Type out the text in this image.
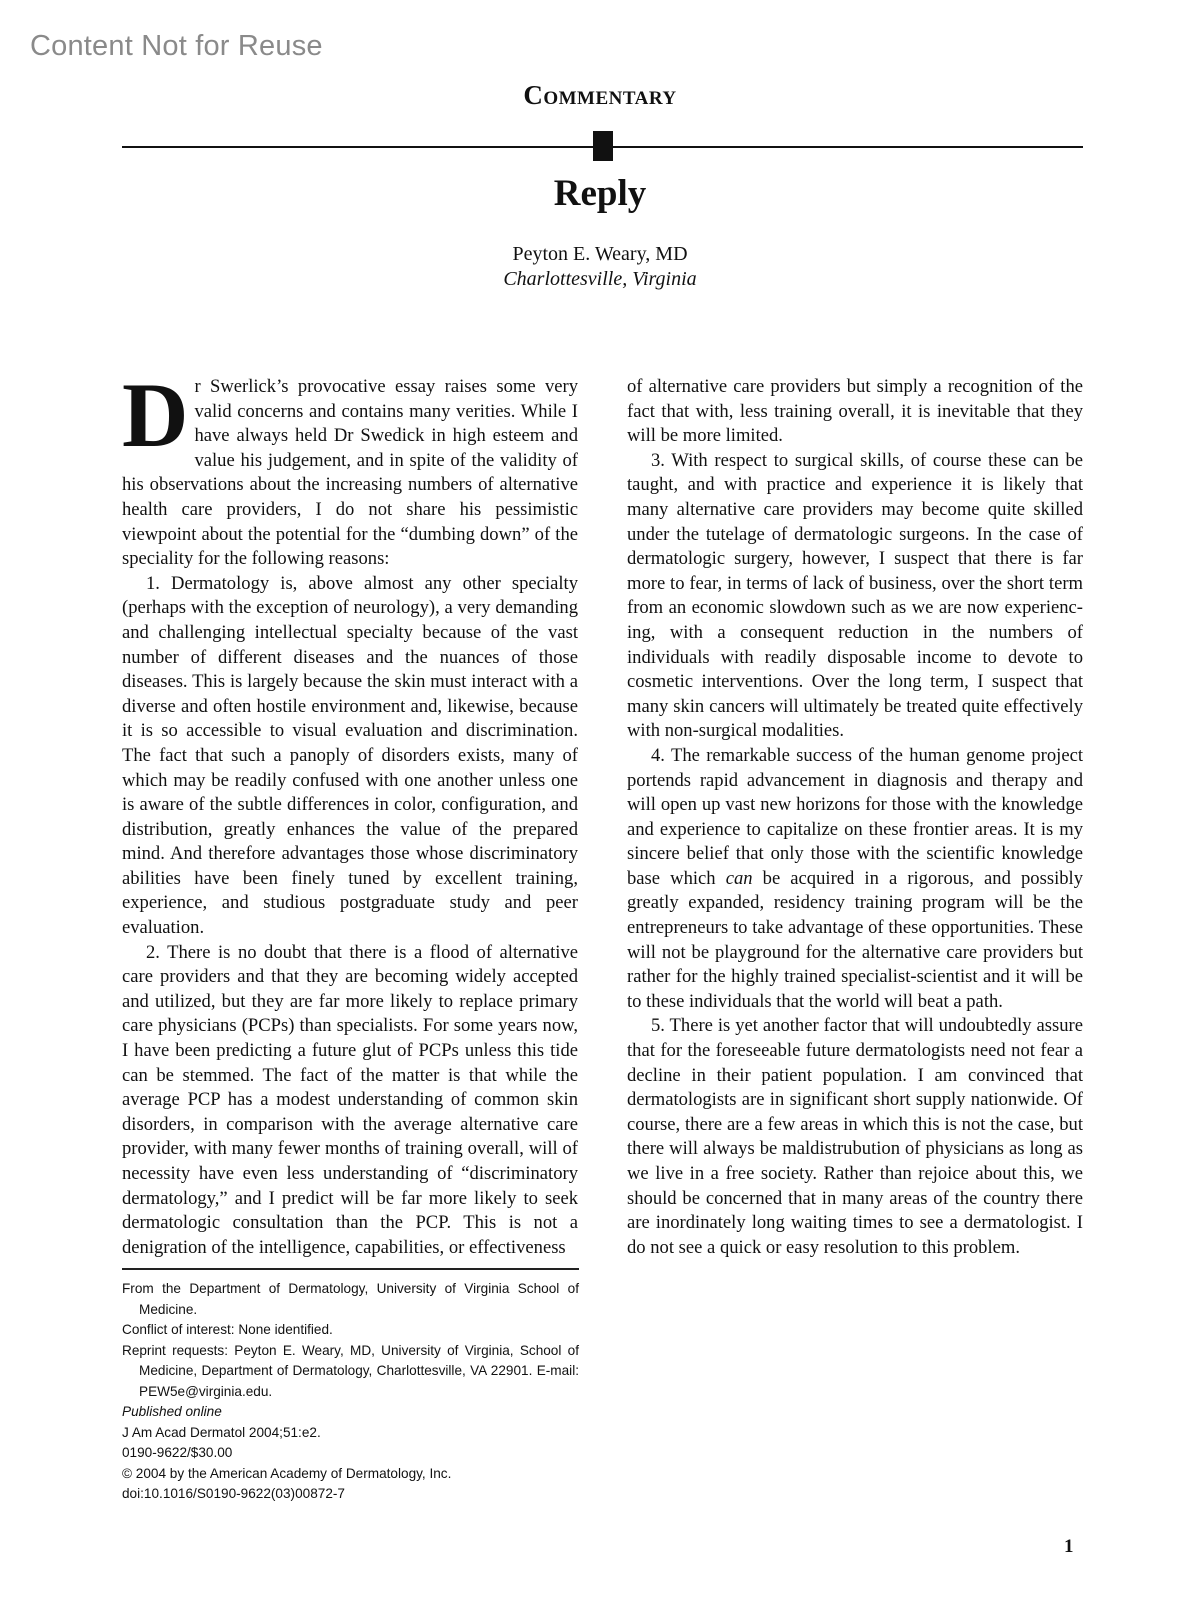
Content Not for Reuse
Commentary
Reply
Peyton E. Weary, MD
Charlottesville, Virginia

Dr Swerlick’s provocative essay raises some very valid concerns and contains many verities. While I have always held Dr Swedick in high esteem and value his judgement, and in spite of the validity of his observations about the increasing numbers of alternative health care providers, I do not share his pessimistic viewpoint about the potential for the “dumbing down” of the speciality for the following reasons:

1. Dermatology is, above almost any other specialty (perhaps with the exception of neurology), a very demanding and challenging intellectual specialty because of the vast number of different diseases and the nuances of those diseases. This is largely because the skin must interact with a diverse and often hostile environment and, likewise, because it is so accessible to visual evaluation and discrimination. The fact that such a panoply of disorders exists, many of which may be readily confused with one another unless one is aware of the subtle differences in color, configuration, and distribution, greatly enhances the value of the prepared mind. And therefore advantages those whose discriminatory abilities have been finely tuned by excellent training, experience, and studious postgraduate study and peer evaluation.

2. There is no doubt that there is a flood of alternative care providers and that they are becoming widely accepted and utilized, but they are far more likely to replace primary care physicians (PCPs) than specialists. For some years now, I have been predicting a future glut of PCPs unless this tide can be stemmed. The fact of the matter is that while the average PCP has a modest understanding of common skin disorders, in comparison with the average alternative care provider, with many fewer months of training overall, will of necessity have even less understanding of “discriminatory dermatology,” and I predict will be far more likely to seek dermatologic consultation than the PCP. This is not a denigration of the intelligence, capabilities, or effectiveness

of alternative care providers but simply a recognition of the fact that with, less training overall, it is inevitable that they will be more limited.

3. With respect to surgical skills, of course these can be taught, and with practice and experience it is likely that many alternative care providers may become quite skilled under the tutelage of dermatologic surgeons. In the case of dermatologic surgery, however, I suspect that there is far more to fear, in terms of lack of business, over the short term from an economic slowdown such as we are now experiencing, with a consequent reduction in the numbers of individuals with readily disposable income to devote to cosmetic interventions. Over the long term, I suspect that many skin cancers will ultimately be treated quite effectively with non-surgical modalities.

4. The remarkable success of the human genome project portends rapid advancement in diagnosis and therapy and will open up vast new horizons for those with the knowledge and experience to capitalize on these frontier areas. It is my sincere belief that only those with the scientific knowledge base which can be acquired in a rigorous, and possibly greatly expanded, residency training program will be the entrepreneurs to take advantage of these opportunities. These will not be playground for the alternative care providers but rather for the highly trained specialist-scientist and it will be to these individuals that the world will beat a path.

5. There is yet another factor that will undoubtedly assure that for the foreseeable future dermatologists need not fear a decline in their patient population. I am convinced that dermatologists are in significant short supply nationwide. Of course, there are a few areas in which this is not the case, but there will always be maldistrubution of physicians as long as we live in a free society. Rather than rejoice about this, we should be concerned that in many areas of the country there are inordinately long waiting times to see a dermatologist. I do not see a quick or easy resolution to this problem.

From the Department of Dermatology, University of Virginia School of Medicine.
Conflict of interest: None identified.
Reprint requests: Peyton E. Weary, MD, University of Virginia, School of Medicine, Department of Dermatology, Charlottesville, VA 22901. E-mail: PEW5e@virginia.edu.
Published online
J Am Acad Dermatol 2004;51:e2.
0190-9622/$30.00
© 2004 by the American Academy of Dermatology, Inc.
doi:10.1016/S0190-9622(03)00872-7
1
